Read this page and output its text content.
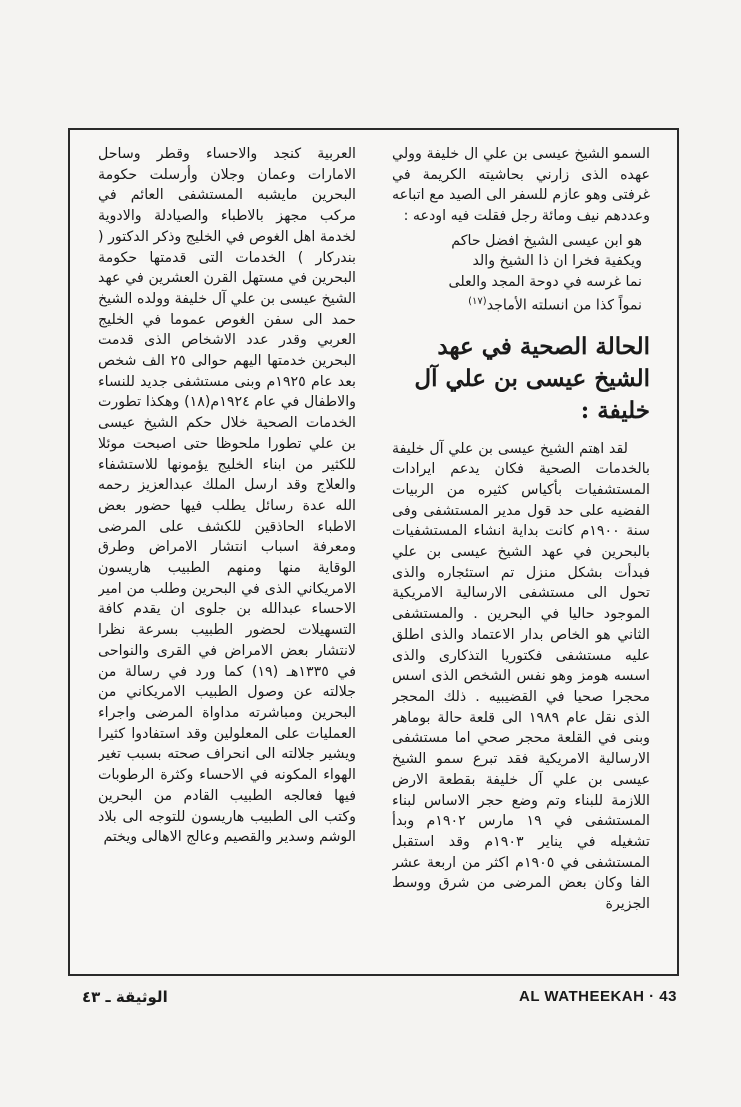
السمو الشيخ عيسى بن علي ال خليفة وولي عهده الذى زارني بحاشيته الكريمة في غرفتى وهو عازم للسفر الى الصيد مع اتباعه وعددهم نيف ومائة رجل فقلت فيه اودعه :

هو ابن عيسى الشيخ افضل حاكم
ويكفية فخرا ان ذا الشيخ والد
نما غرسه في دوحة المجد والعلى
نمواً كذا من انسلته الأماجد$^{(١٧)}$
الحالة الصحية في عهد الشيخ عيسى بن علي آل خليفة :

لقد اهتم الشيخ عيسى بن علي آل خليفة بالخدمات الصحية فكان يدعم ايرادات المستشفيات بأكياس كثيره من الربيات الفضيه على حد قول مدير المستشفى وفى سنة ١٩٠٠م كانت بداية انشاء المستشفيات بالبحرين في عهد الشيخ عيسى بن علي فبدأت بشكل منزل تم استئجاره والذى تحول الى مستشفى الارسالية الامريكية الموجود حاليا في البحرين . والمستشفى الثاني هو الخاص بدار الاعتماد والذى اطلق عليه مستشفى فكتوريا التذكارى والذى اسسه هومز وهو نفس الشخص الذى اسس محجرا صحيا في القضيبيه . ذلك المحجر الذى نقل عام ١٩٨٩ الى قلعة حالة بوماهر وبنى في القلعة محجر صحي اما مستشفى الارسالية الامريكية فقد تبرع سمو الشيخ عيسى بن علي آل خليفة بقطعة الارض اللازمة للبناء وتم وضع حجر الاساس لبناء المستشفى في ١٩ مارس ١٩٠٢م وبدأ تشغيله في يناير ١٩٠٣م وقد استقبل المستشفى في ١٩٠٥م اكثر من اربعة عشر الفا وكان بعض المرضى من شرق ووسط الجزيرة

العربية كنجد والاحساء وقطر وساحل الامارات وعمان وجلان وأرسلت حكومة البحرين مايشبه المستشفى العائم في مركب مجهز بالاطباء والصيادلة والادوية لخدمة اهل الغوص في الخليج وذكر الدكتور ( بندركار ) الخدمات التى قدمتها حكومة البحرين في مستهل القرن العشرين في عهد الشيخ عيسى بن علي آل خليفة وولده الشيخ حمد الى سفن الغوص عموما في الخليج العربي وقدر عدد الاشخاص الذى قدمت البحرين خدمتها اليهم حوالى ٢٥ الف شخص بعد عام ١٩٢٥م وبنى مستشفى جديد للنساء والاطفال في عام ١٩٢٤م(١٨) وهكذا تطورت الخدمات الصحية خلال حكم الشيخ عيسى بن علي تطورا ملحوظا حتى اصبحت موئلا للكثير من ابناء الخليج يؤمونها للاستشفاء والعلاج وقد ارسل الملك عبدالعزيز رحمه الله عدة رسائل يطلب فيها حضور بعض الاطباء الحاذقين للكشف على المرضى ومعرفة اسباب انتشار الامراض وطرق الوقاية منها ومنهم الطبيب هاريسون الامريكاني الذى في البحرين وطلب من امير الاحساء عبدالله بن جلوى ان يقدم كافة التسهيلات لحضور الطبيب بسرعة نظرا لانتشار بعض الامراض في القرى والنواحى في ١٣٣٥هـ (١٩) كما ورد في رسالة من جلالته عن وصول الطبيب الامريكاني من البحرين ومباشرته مداواة المرضى واجراء العمليات على المعلولين وقد استفادوا كثيرا ويشير جلالته الى انحراف صحته بسبب تغير الهواء المكونه في الاحساء وكثرة الرطوبات فيها فعالجه الطبيب القادم من البحرين وكتب الى الطبيب هاريسون للتوجه الى بلاد الوشم وسدير والقصيم وعالج الاهالى ويختم

الوثيقة ـ ٤٣	AL WATHEEKAH · 43
